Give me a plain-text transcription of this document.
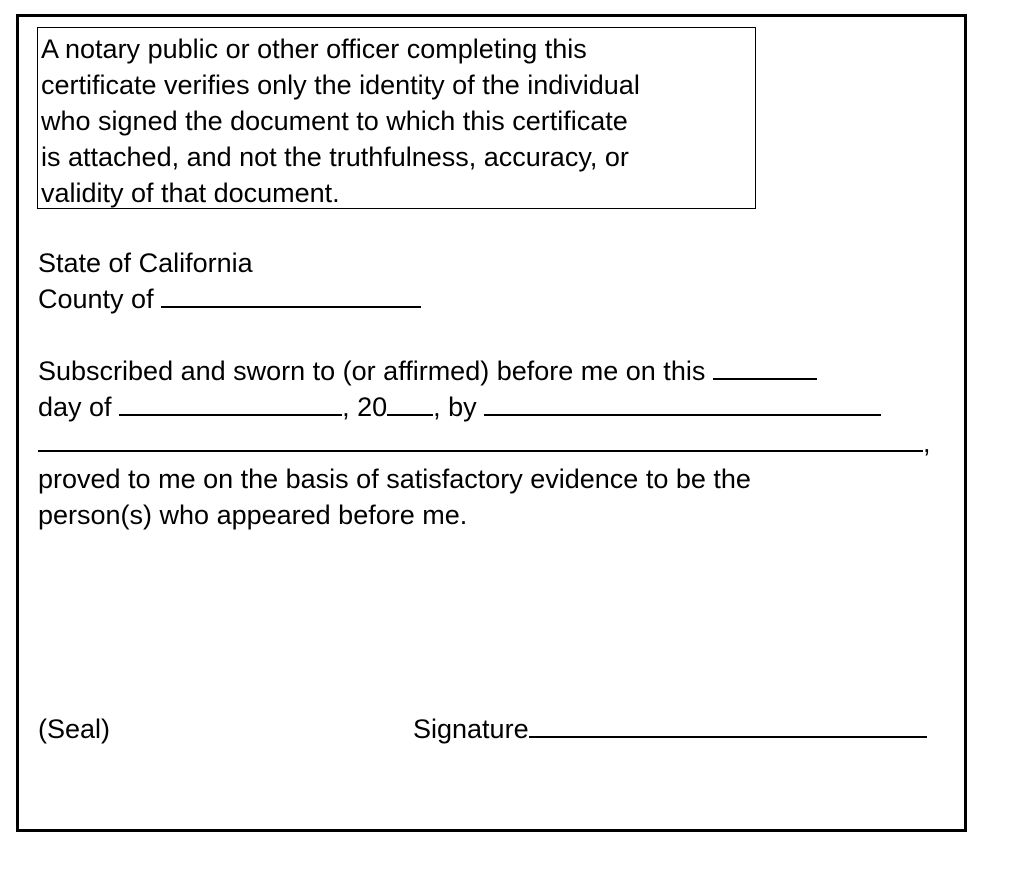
A notary public or other officer completing this
certificate verifies only the identity of the individual
who signed the document to which this certificate
is attached, and not the truthfulness, accuracy, or
validity of that document.
State of California
County of
Subscribed and sworn to (or affirmed) before me on this
day of	, 20 , by
,
proved to me on the basis of satisfactory evidence to be the
person(s) who appeared before me.
(Seal)	Signature
